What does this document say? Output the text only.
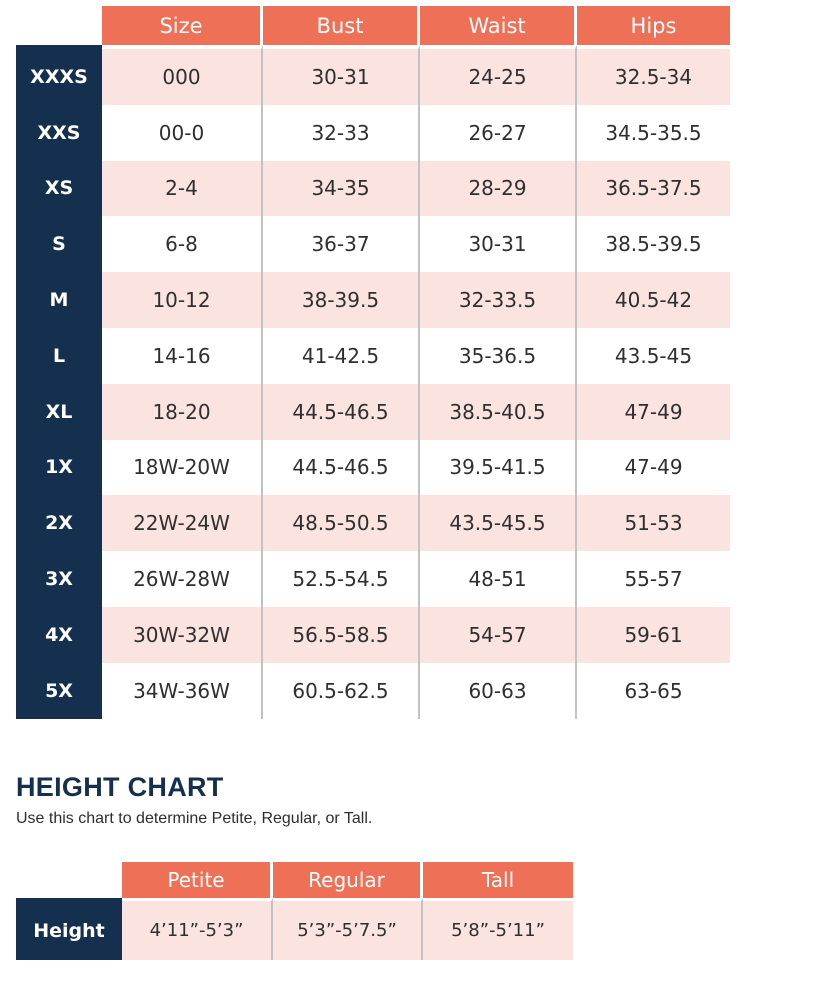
	Size	Bust	Waist	Hips
XXXS	000	30-31	24-25	32.5-34
XXS	00-0	32-33	26-27	34.5-35.5
XS	2-4	34-35	28-29	36.5-37.5
S	6-8	36-37	30-31	38.5-39.5
M	10-12	38-39.5	32-33.5	40.5-42
L	14-16	41-42.5	35-36.5	43.5-45
XL	18-20	44.5-46.5	38.5-40.5	47-49
1X	18W-20W	44.5-46.5	39.5-41.5	47-49
2X	22W-24W	48.5-50.5	43.5-45.5	51-53
3X	26W-28W	52.5-54.5	48-51	55-57
4X	30W-32W	56.5-58.5	54-57	59-61
5X	34W-36W	60.5-62.5	60-63	63-65
HEIGHT CHART

Use this chart to determine Petite, Regular, or Tall.

	Petite	Regular	Tall
Height	4’11”-5’3”	5’3”-5’7.5”	5’8”-5’11”
